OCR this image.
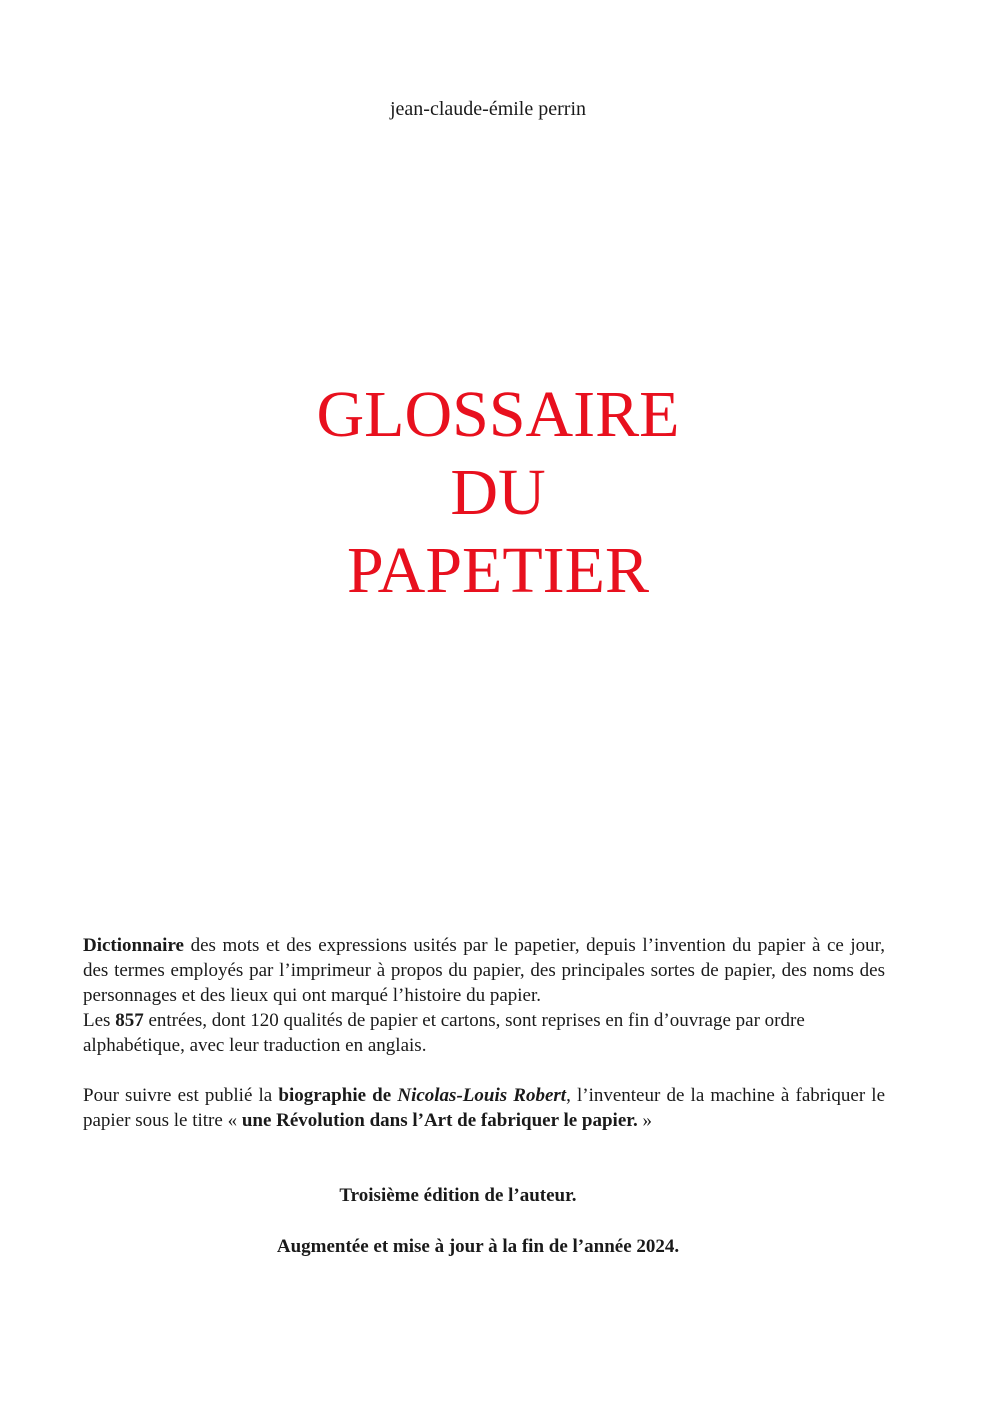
jean-claude-émile perrin
GLOSSAIRE
DU
PAPETIER
Dictionnaire des mots et des expressions usités par le papetier, depuis l’invention du papier à ce jour, des termes employés par l’imprimeur à propos du papier, des principales sortes de papier, des noms des personnages et des lieux qui ont marqué l’histoire du papier.
Les 857 entrées, dont 120 qualités de papier et cartons, sont reprises en fin d’ouvrage par ordre alphabétique, avec leur traduction en anglais.
Pour suivre est publié la biographie de Nicolas-Louis Robert, l’inventeur de la machine à fabriquer le papier sous le titre « une Révolution dans l’Art de fabriquer le papier. »
Troisième édition de l’auteur.
Augmentée et mise à jour à la fin de l’année 2024.
